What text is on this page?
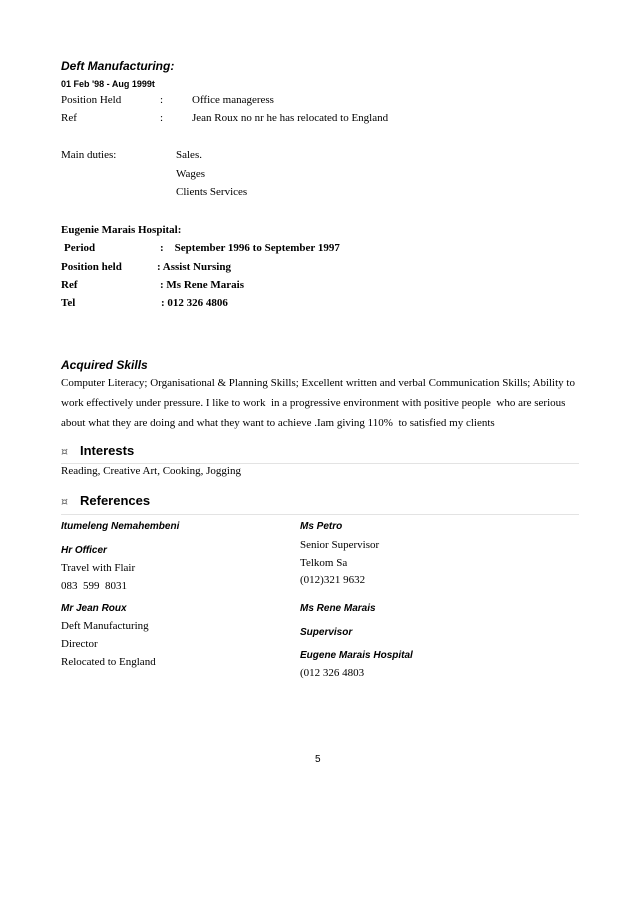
Deft Manufacturing:
01 Feb '98 - Aug 1999t
Position Held	:	Office manageress
Ref	:	Jean Roux no nr he has relocated to England
Main duties:	Sales.
Wages
Clients Services
Eugenie Marais Hospital:
Period	:    September 1996 to September 1997
Position held	: Assist Nursing
Ref	: Ms Rene Marais
Tel	: 012 326 4806
Acquired Skills
Computer Literacy; Organisational & Planning Skills; Excellent written and verbal Communication Skills; Ability to
work effectively under pressure. I like to work  in a progressive environment with positive people  who are serious
about what they are doing and what they want to achieve .Iam giving 110%  to satisfied my clients
¤ Interests
Reading, Creative Art, Cooking, Jogging
¤ References
Itumeleng Nemahembeni
Hr Officer
Travel with Flair
083  599  8031
Ms Petro
Senior Supervisor
Telkom Sa
(012)321 9632
Mr Jean Roux
Deft Manufacturing
Director
Relocated to England
Ms Rene Marais
Supervisor
Eugene Marais Hospital
(012 326 4803
5
